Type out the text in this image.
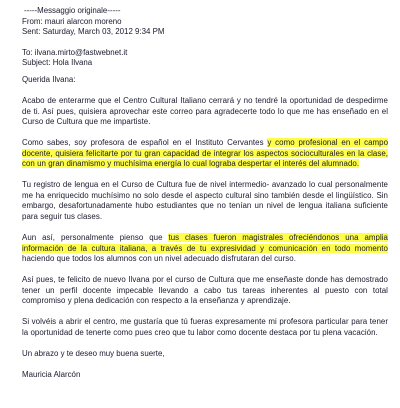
-----Messaggio originale-----
From: mauri alarcon moreno
Sent: Saturday, March 03, 2012 9:34 PM
To: ilvana.mirto@fastwebnet.it
Subject: Hola Ilvana
Querida Ilvana:

Acabo de enterarme que el Centro Cultural Italiano cerrará y no tendré la oportunidad de despedirme de ti. Así pues, quisiera aprovechar este correo para agradecerte todo lo que me has enseñado en el Curso de Cultura que me impartiste.

Como sabes, soy profesora de español en el Instituto Cervantes y como profesional en el campo docente, quisiera felicitarte por tu gran capacidad de integrar los aspectos socioculturales en la clase, con un gran dinamismo y muchísima energía lo cual lograba despertar el interés del alumnado.

Tu registro de lengua en el Curso de Cultura fue de nivel intermedio- avanzado lo cual personalmente me ha enriquecido muchísimo no solo desde el aspecto cultural sino también desde el lingüístico. Sin embargo, desafortunadamente hubo estudiantes que no tenían un nivel de lengua italiana suficiente para seguir tus clases.

Aun así, personalmente pienso que tus clases fueron magistrales ofreciéndonos una amplia información de la cultura italiana, a través de tu expresividad y comunicación en todo momento haciendo que todos los alumnos con un nivel adecuado disfrutaran del curso.

Así pues, te felicito de nuevo Ilvana por el curso de Cultura que me enseñaste donde has demostrado tener un perfil docente impecable llevando a cabo tus tareas inherentes al puesto con total compromiso y plena dedicación con respecto a la enseñanza y aprendizaje.

Si volvéis a abrir el centro, me gustaría que tú fueras expresamente mi profesora particular para tener la oportunidad de tenerte como pues creo que tu labor como docente destaca por tu plena vacación.

Un abrazo y te deseo muy buena suerte,

Mauricia Alarcón
